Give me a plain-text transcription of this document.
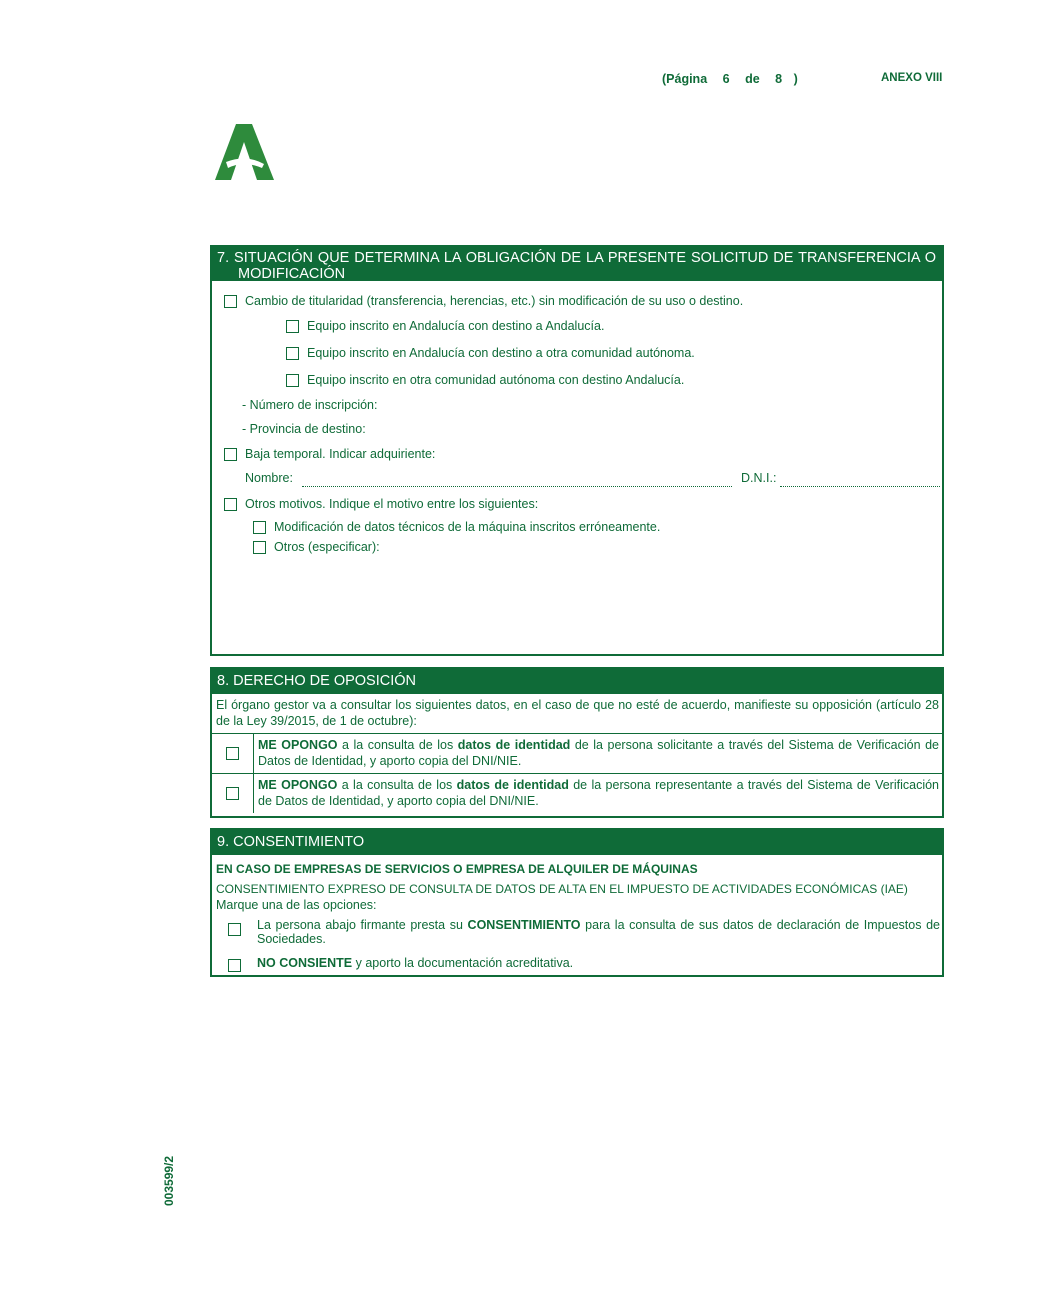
(Página 6 de 8 )	ANEXO VIII
003599/2
7. SITUACIÓN QUE DETERMINA LA OBLIGACIÓN DE LA PRESENTE SOLICITUD DE TRANSFERENCIA O MODIFICACIÓN
Cambio de titularidad (transferencia, herencias, etc.) sin modificación de su uso o destino.
Equipo inscrito en Andalucía con destino a Andalucía.
Equipo inscrito en Andalucía con destino a otra comunidad autónoma.
Equipo inscrito en otra comunidad autónoma con destino Andalucía.
- Número de inscripción:
- Provincia de destino:
Baja temporal. Indicar adquiriente:
Nombre:	D.N.I.:
Otros motivos. Indique el motivo entre los siguientes:
Modificación de datos técnicos de la máquina inscritos erróneamente.
Otros (especificar):
8. DERECHO DE OPOSICIÓN
El órgano gestor va a consultar los siguientes datos, en el caso de que no esté de acuerdo, manifieste su opposición (artículo 28 de la Ley 39/2015, de 1 de octubre):
ME OPONGO a la consulta de los datos de identidad de la persona solicitante a través del Sistema de Verificación de Datos de Identidad, y aporto copia del DNI/NIE.
ME OPONGO a la consulta de los datos de identidad de la persona representante a través del Sistema de Verificación de Datos de Identidad, y aporto copia del DNI/NIE.
9. CONSENTIMIENTO
EN CASO DE EMPRESAS DE SERVICIOS O EMPRESA DE ALQUILER DE MÁQUINAS
CONSENTIMIENTO EXPRESO DE CONSULTA DE DATOS DE ALTA EN EL IMPUESTO DE ACTIVIDADES ECONÓMICAS (IAE)
Marque una de las opciones:
La persona abajo firmante presta su CONSENTIMIENTO para la consulta de sus datos de declaración de Impuestos de Sociedades.
NO CONSIENTE y aporto la documentación acreditativa.
